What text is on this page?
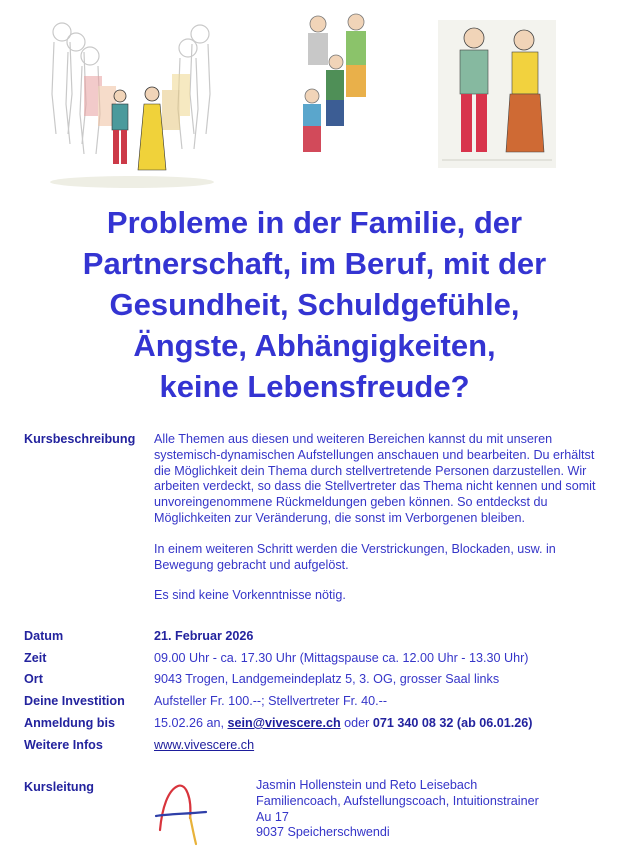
Probleme in der Familie, der
Partnerschaft, im Beruf, mit der
Gesundheit, Schuldgefühle,
Ängste, Abhängigkeiten,
keine Lebensfreude?
Kursbeschreibung	Alle Themen aus diesen und weiteren Bereichen kannst du mit unseren systemisch-dynamischen Aufstellungen anschauen und bearbeiten. Du erhältst die Möglichkeit dein Thema durch stellvertretende Personen darzustellen. Wir arbeiten verdeckt, so dass die Stellvertreter das Thema nicht kennen und somit unvoreingenommene Rückmeldungen geben können. So entdeckst du Möglichkeiten zur Veränderung, die sonst im Verborgenen bleiben.

In einem weiteren Schritt werden die Verstrickungen, Blockaden, usw. in Bewegung gebracht und aufgelöst.

Es sind keine Vorkenntnisse nötig.

Datum	21. Februar 2026
Zeit	09.00 Uhr - ca. 17.30 Uhr (Mittagspause ca. 12.00 Uhr - 13.30 Uhr)
Ort	9043 Trogen, Landgemeindeplatz 5, 3. OG, grosser Saal links
Deine Investition	Aufsteller Fr. 100.--; Stellvertreter Fr. 40.--
Anmeldung bis	15.02.26 an, sein@vivescere.ch oder 071 340 08 32 (ab 06.01.26)
Weitere Infos	www.vivescere.ch
Kursleitung	Jasmin Hollenstein und Reto Leisebach
Familiencoach, Aufstellungscoach, Intuitionstrainer
Au 17
9037 Speicherschwendi
